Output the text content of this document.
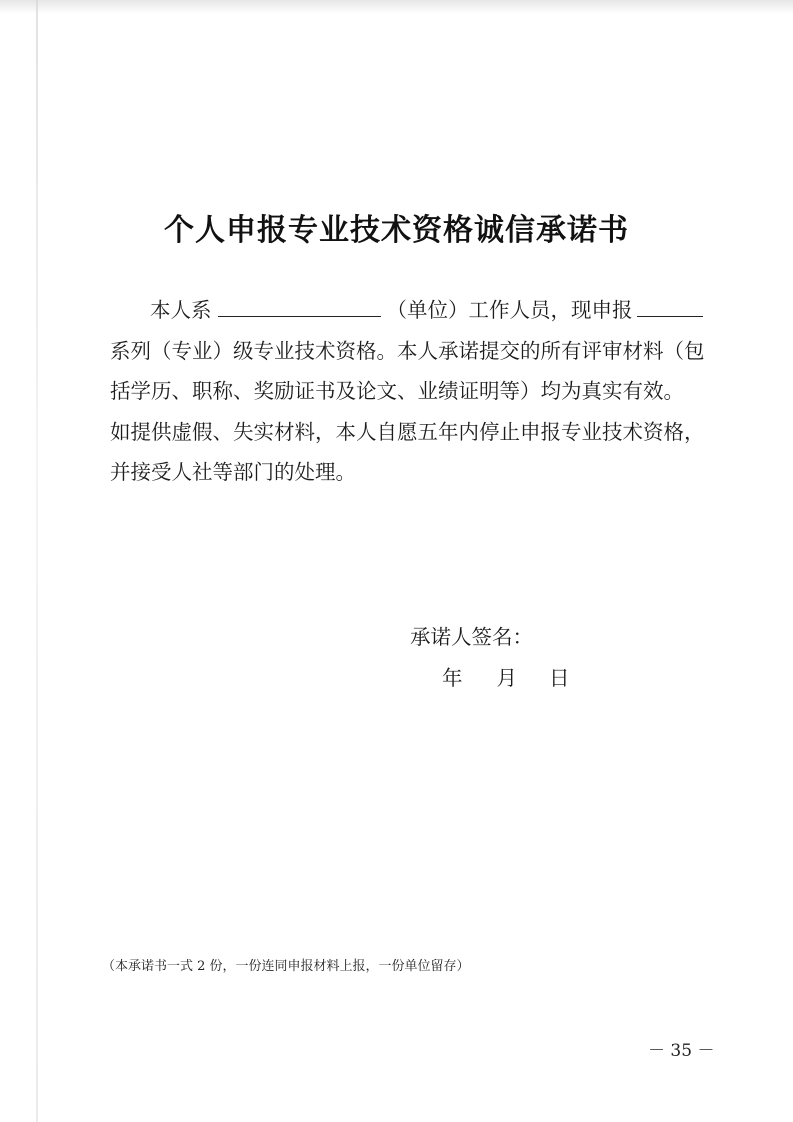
个人申报专业技术资格诚信承诺书
本人系	（单位）工作人员，现申报
系列（专业）级专业技术资格。本人承诺提交的所有评审材料（包
括学历、职称、奖励证书及论文、业绩证明等）均为真实有效。
如提供虚假、失实材料，本人自愿五年内停止申报专业技术资格，
并接受人社等部门的处理。
承诺人签名：
年 月 日
（本承诺书一式 2 份，一份连同申报材料上报，一份单位留存）
－ 35 －
